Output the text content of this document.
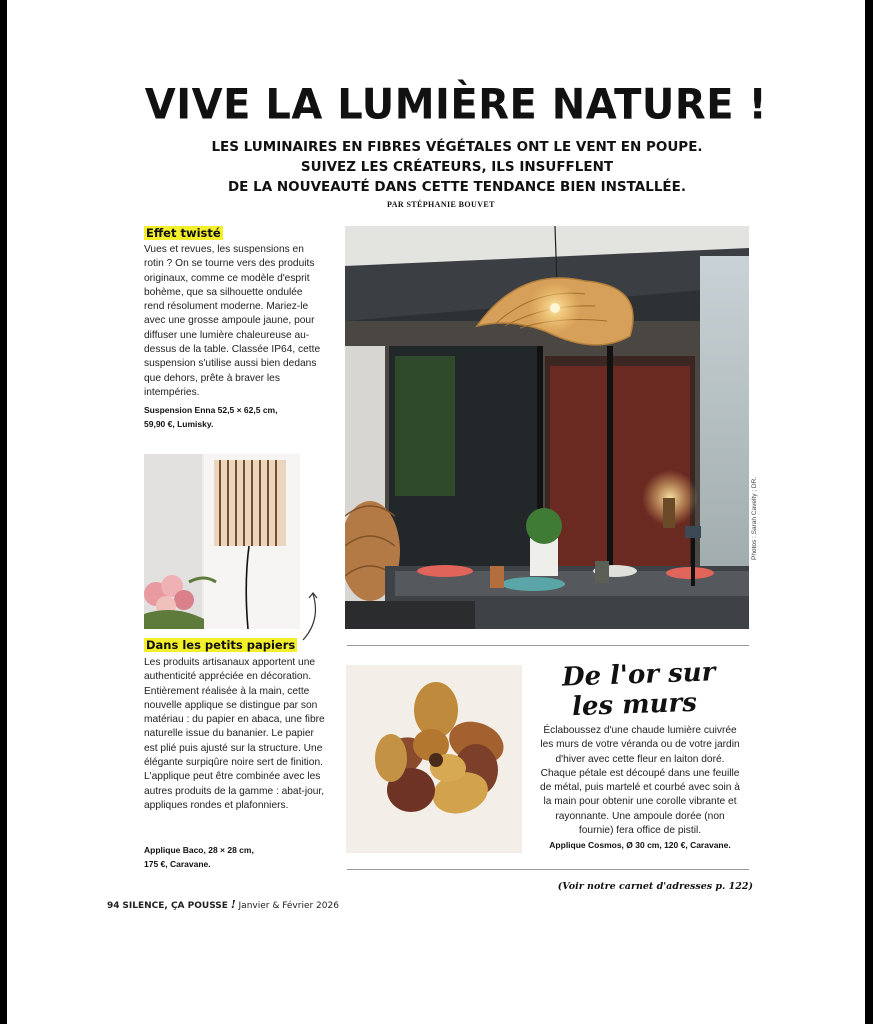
VIVE LA LUMIÈRE NATURE !

LES LUMINAIRES EN FIBRES VÉGÉTALES ONT LE VENT EN POUPE.
SUIVEZ LES CRÉATEURS, ILS INSUFFLENT
DE LA NOUVEAUTÉ DANS CETTE TENDANCE BIEN INSTALLÉE.

PAR STÉPHANIE BOUVET
Effet twisté

Vues et revues, les suspensions en rotin ? On se tourne vers des produits originaux, comme ce modèle d'esprit bohème, que sa silhouette ondulée rend résolument moderne. Mariez-le avec une grosse ampoule jaune, pour diffuser une lumière chaleureuse au-dessus de la table. Classée IP64, cette suspension s'utilise aussi bien dedans que dehors, prête à braver les intempéries.

Suspension Enna 52,5 × 62,5 cm,
59,90 €, Lumisky.

Photos : Sarah Cavelty ; DR.
Dans les petits papiers

Les produits artisanaux apportent une authenticité appréciée en décoration. Entièrement réalisée à la main, cette nouvelle applique se distingue par son matériau : du papier en abaca, une fibre naturelle issue du bananier. Le papier est plié puis ajusté sur la structure. Une élégante surpiqûre noire sert de finition. L'applique peut être combinée avec les autres produits de la gamme : abat-jour, appliques rondes et plafonniers.

Applique Baco, 28 × 28 cm,
175 €, Caravane.

De l'or sur
les murs

Éclaboussez d'une chaude lumière cuivrée les murs de votre véranda ou de votre jardin d'hiver avec cette fleur en laiton doré. Chaque pétale est découpé dans une feuille de métal, puis martelé et courbé avec soin à la main pour obtenir une corolle vibrante et rayonnante. Une ampoule dorée (non fournie) fera office de pistil.

Applique Cosmos, Ø 30 cm, 120 €, Caravane.

(Voir notre carnet d'adresses p. 122)
94 SILENCE, ÇA POUSSE ! Janvier & Février 2026
